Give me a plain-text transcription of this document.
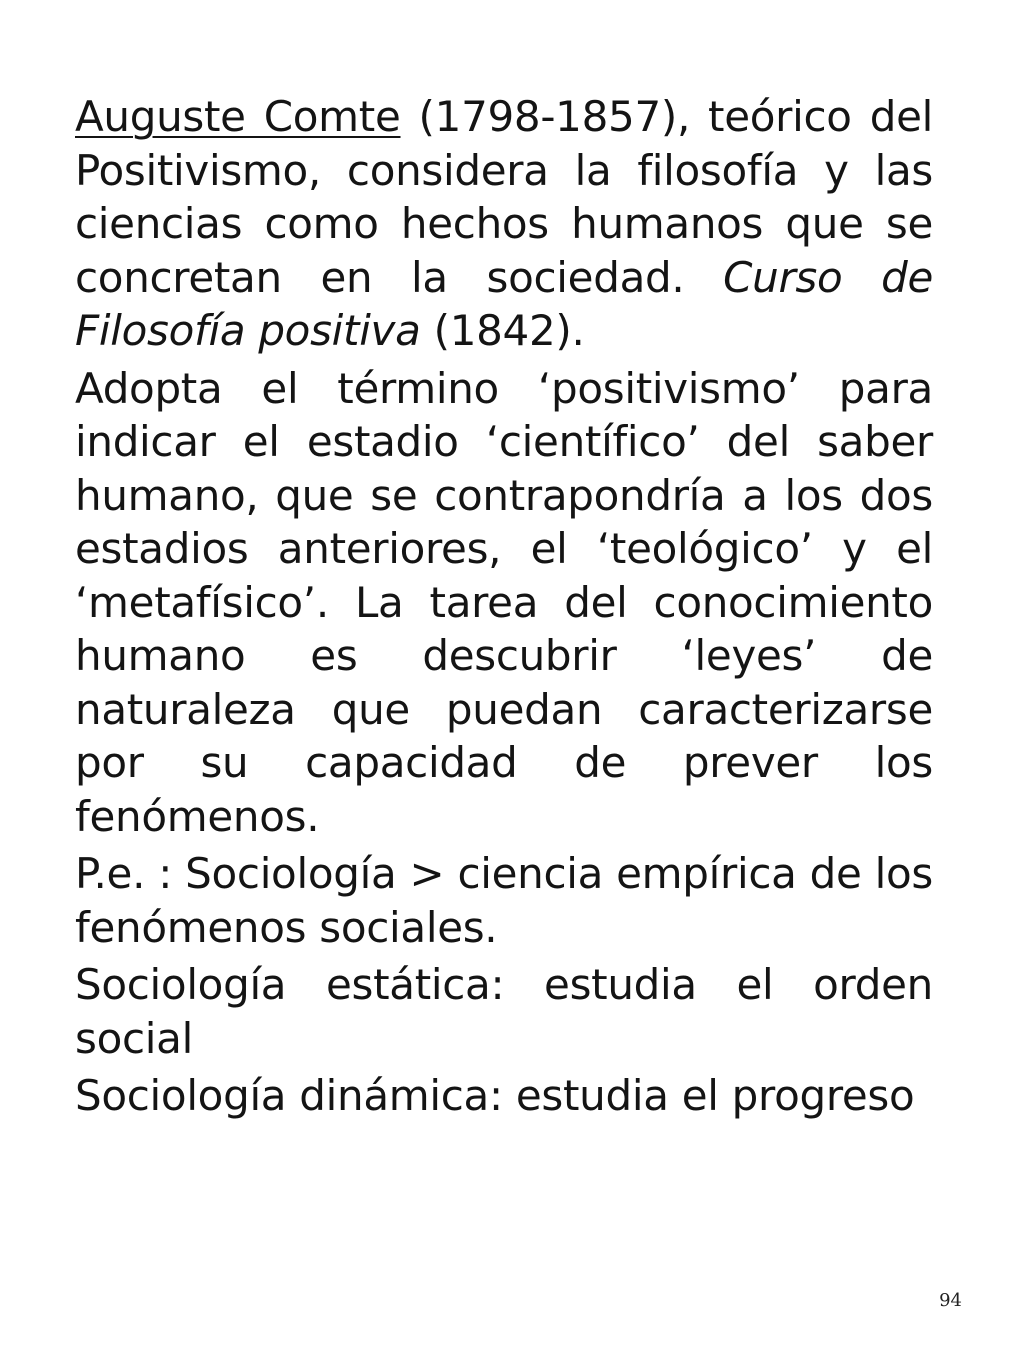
Auguste Comte (1798-1857), teórico del Positivismo, considera la filosofía y las ciencias como hechos humanos que se concretan en la sociedad. Curso de Filosofía positiva (1842).

Adopta el término ‘positivismo’ para indicar el estadio ‘científico’ del saber humano, que se contrapondría a los dos estadios anteriores, el ‘teológico’ y el ‘metafísico’. La tarea del conocimiento humano es descubrir ‘leyes’ de naturaleza que puedan caracterizarse por su capacidad de prever los fenómenos.

P.e. : Sociología > ciencia empírica de los fenómenos sociales.

Sociología estática: estudia el orden social

Sociología dinámica: estudia el progreso

94
